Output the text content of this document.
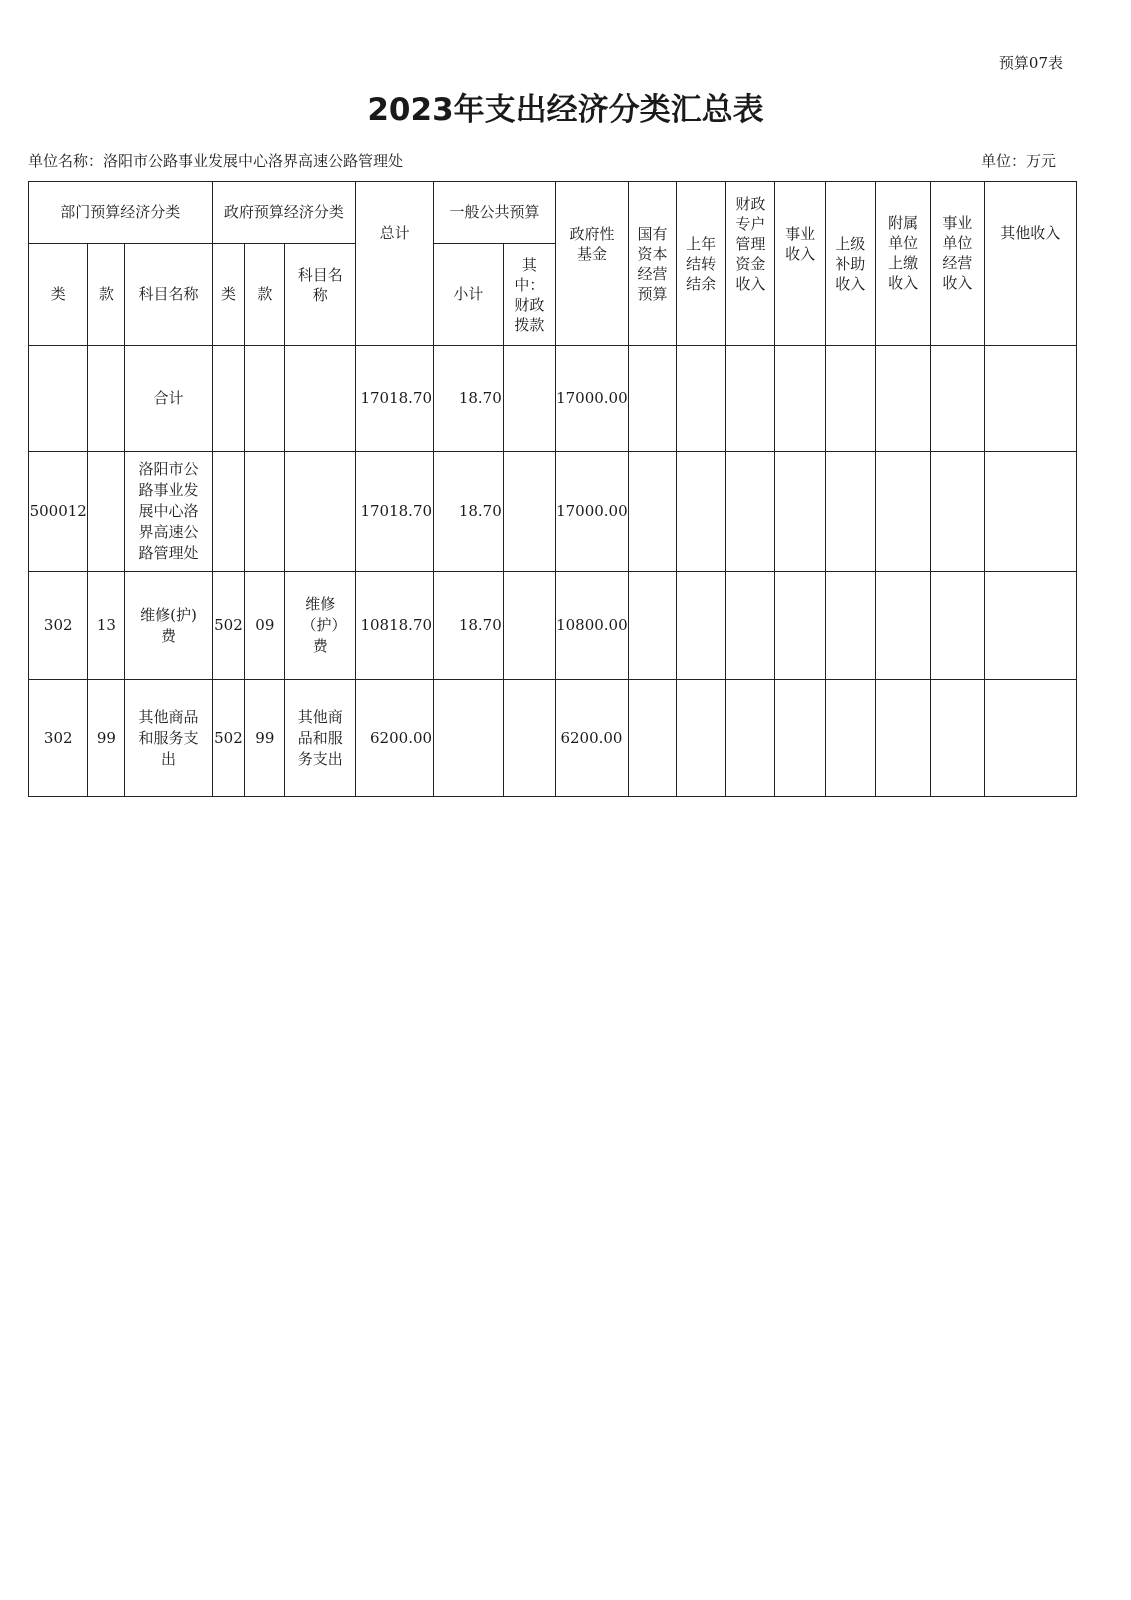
预算07表
2023年支出经济分类汇总表
单位名称：洛阳市公路事业发展中心洛界高速公路管理处	单位：万元
部门预算经济分类			政府预算经济分类			总计	一般公共预算		政府性基金	国有资本经营预算	上年结转结余	财政专户管理资金收入	事业收入	上级补助收入	附属单位上缴收入	事业单位经营收入	其他收入
类	款	科目名称	类	款	科目名称		小计	其中：财政拨款									
		合计				17018.70	18.70		17000.00								
500012		洛阳市公路事业发展中心洛界高速公路管理处				17018.70	18.70		17000.00								
302	13	维修(护)费	502	09	维修（护）费	10818.70	18.70		10800.00								
302	99	其他商品和服务支出	502	99	其他商品和服务支出	6200.00			6200.00								
